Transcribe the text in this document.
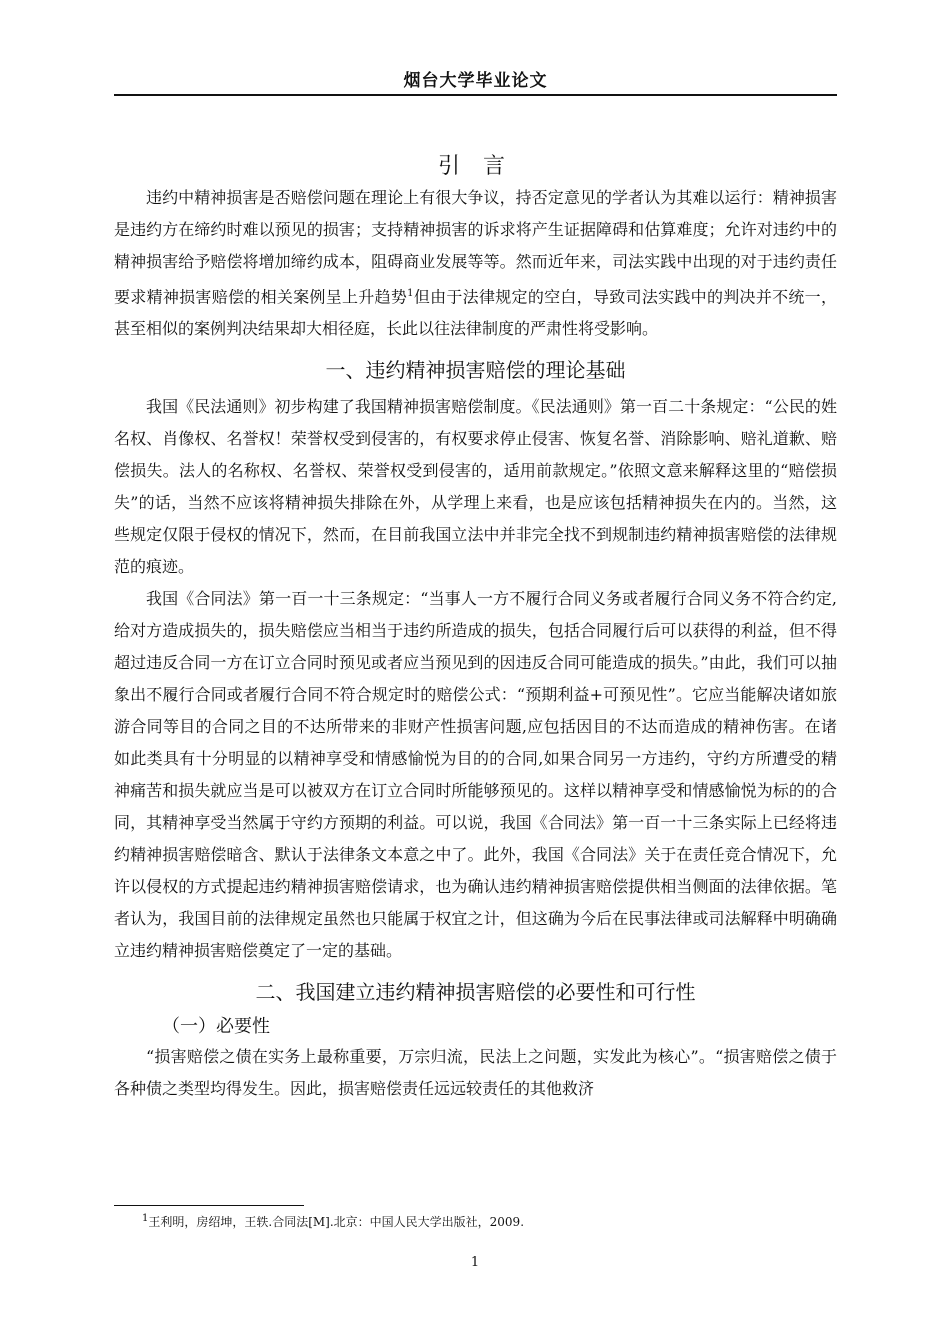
烟台大学毕业论文
引 言

违约中精神损害是否赔偿问题在理论上有很大争议，持否定意见的学者认为其难以运行：精神损害是违约方在缔约时难以预见的损害；支持精神损害的诉求将产生证据障碍和估算难度；允许对违约中的精神损害给予赔偿将增加缔约成本，阻碍商业发展等等。然而近年来，司法实践中出现的对于违约责任要求精神损害赔偿的相关案例呈上升趋势$^1$但由于法律规定的空白，导致司法实践中的判决并不统一，甚至相似的案例判决结果却大相径庭，长此以往法律制度的严肃性将受影响。

一、违约精神损害赔偿的理论基础

我国《民法通则》初步构建了我国精神损害赔偿制度。《民法通则》第一百二十条规定：“公民的姓名权、肖像权、名誉权！荣誉权受到侵害的，有权要求停止侵害、恢复名誉、消除影响、赔礼道歉、赔偿损失。法人的名称权、名誉权、荣誉权受到侵害的，适用前款规定。”依照文意来解释这里的“赔偿损失”的话，当然不应该将精神损失排除在外，从学理上来看，也是应该包括精神损失在内的。当然，这些规定仅限于侵权的情况下，然而，在目前我国立法中并非完全找不到规制违约精神损害赔偿的法律规范的痕迹。

我国《合同法》第一百一十三条规定：“当事人一方不履行合同义务或者履行合同义务不符合约定,给对方造成损失的，损失赔偿应当相当于违约所造成的损失，包括合同履行后可以获得的利益，但不得超过违反合同一方在订立合同时预见或者应当预见到的因违反合同可能造成的损失。”由此，我们可以抽象出不履行合同或者履行合同不符合规定时的赔偿公式：“预期利益+可预见性”。它应当能解决诸如旅游合同等目的合同之目的不达所带来的非财产性损害问题,应包括因目的不达而造成的精神伤害。在诸如此类具有十分明显的以精神享受和情感愉悦为目的的合同,如果合同另一方违约，守约方所遭受的精神痛苦和损失就应当是可以被双方在订立合同时所能够预见的。这样以精神享受和情感愉悦为标的的合同，其精神享受当然属于守约方预期的利益。可以说，我国《合同法》第一百一十三条实际上已经将违约精神损害赔偿暗含、默认于法律条文本意之中了。此外，我国《合同法》关于在责任竞合情况下，允许以侵权的方式提起违约精神损害赔偿请求，也为确认违约精神损害赔偿提供相当侧面的法律依据。笔者认为，我国目前的法律规定虽然也只能属于权宜之计，但这确为今后在民事法律或司法解释中明确确立违约精神损害赔偿奠定了一定的基础。

二、我国建立违约精神损害赔偿的必要性和可行性
（一）必要性

“损害赔偿之债在实务上最称重要，万宗归流，民法上之问题，实发此为核心”。“损害赔偿之债于各种债之类型均得发生。因此，损害赔偿责任远远较责任的其他救济

$^1$王利明，房绍坤，王轶.合同法[M].北京：中国人民大学出版社，2009.
1
